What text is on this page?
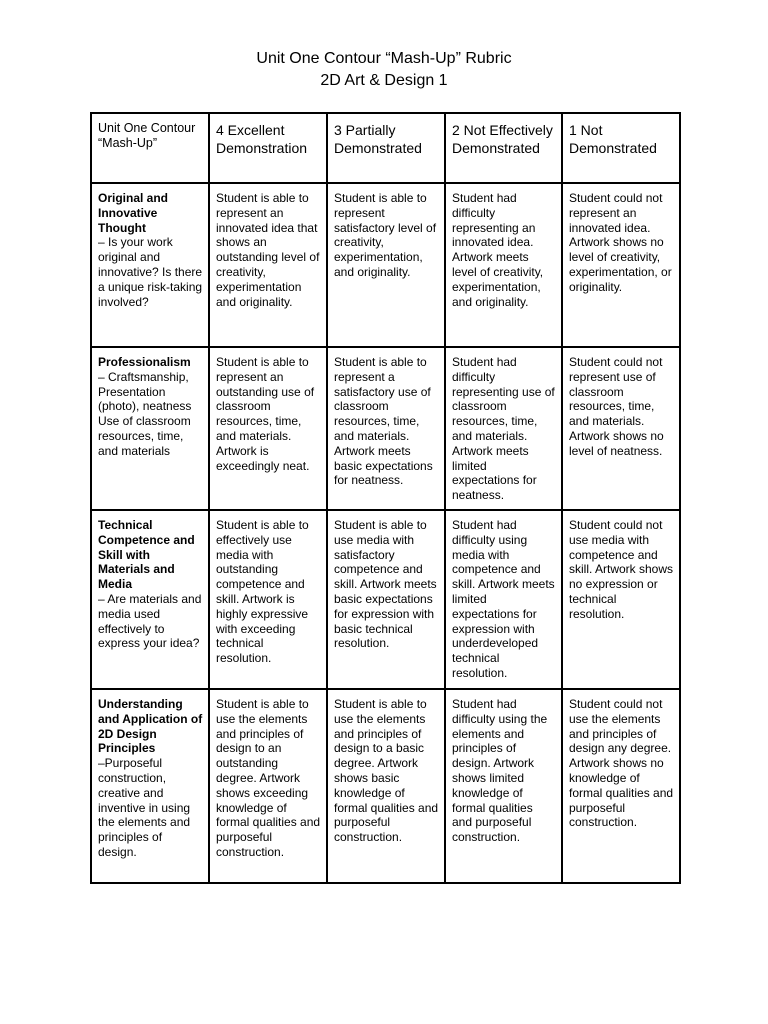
Unit One Contour “Mash-Up” Rubric
2D Art & Design 1
Unit One Contour “Mash-Up”	4 Excellent Demonstration	3 Partially Demonstrated	2 Not Effectively Demonstrated	1 Not Demonstrated

Original and Innovative Thought
– Is your work original and innovative? Is there a unique risk-taking involved?	Student is able to represent an innovated idea that shows an outstanding level of creativity, experimentation and originality.	Student is able to represent satisfactory level of creativity, experimentation, and originality.	Student had difficulty representing an innovated idea. Artwork meets level of creativity, experimentation, and originality.	Student could not represent an innovated idea. Artwork shows no level of creativity, experimentation, or originality.

Professionalism
– Craftsmanship, Presentation (photo), neatness Use of classroom resources, time, and materials	Student is able to represent an outstanding use of classroom resources, time, and materials. Artwork is exceedingly neat.	Student is able to represent a satisfactory use of classroom resources, time, and materials. Artwork meets basic expectations for neatness.	Student had difficulty representing use of classroom resources, time, and materials. Artwork meets limited expectations for neatness.	Student could not represent use of classroom resources, time, and materials. Artwork shows no level of neatness.

Technical Competence and Skill with Materials and Media
– Are materials and media used effectively to express your idea?	Student is able to effectively use media with outstanding competence and skill. Artwork is highly expressive with exceeding technical resolution.	Student is able to use media with satisfactory competence and skill. Artwork meets basic expectations for expression with basic technical resolution.	Student had difficulty using media with competence and skill. Artwork meets limited expectations for expression with underdeveloped technical resolution.	Student could not use media with competence and skill. Artwork shows no expression or technical resolution.

Understanding and Application of 2D Design Principles
–Purposeful construction, creative and inventive in using the elements and principles of design.	Student is able to use the elements and principles of design to an outstanding degree. Artwork shows exceeding knowledge of formal qualities and purposeful construction.	Student is able to use the elements and principles of design to a basic degree. Artwork shows basic knowledge of formal qualities and purposeful construction.	Student had difficulty using the elements and principles of design. Artwork shows limited knowledge of formal qualities and purposeful construction.	Student could not use the elements and principles of design any degree. Artwork shows no knowledge of formal qualities and purposeful construction.
